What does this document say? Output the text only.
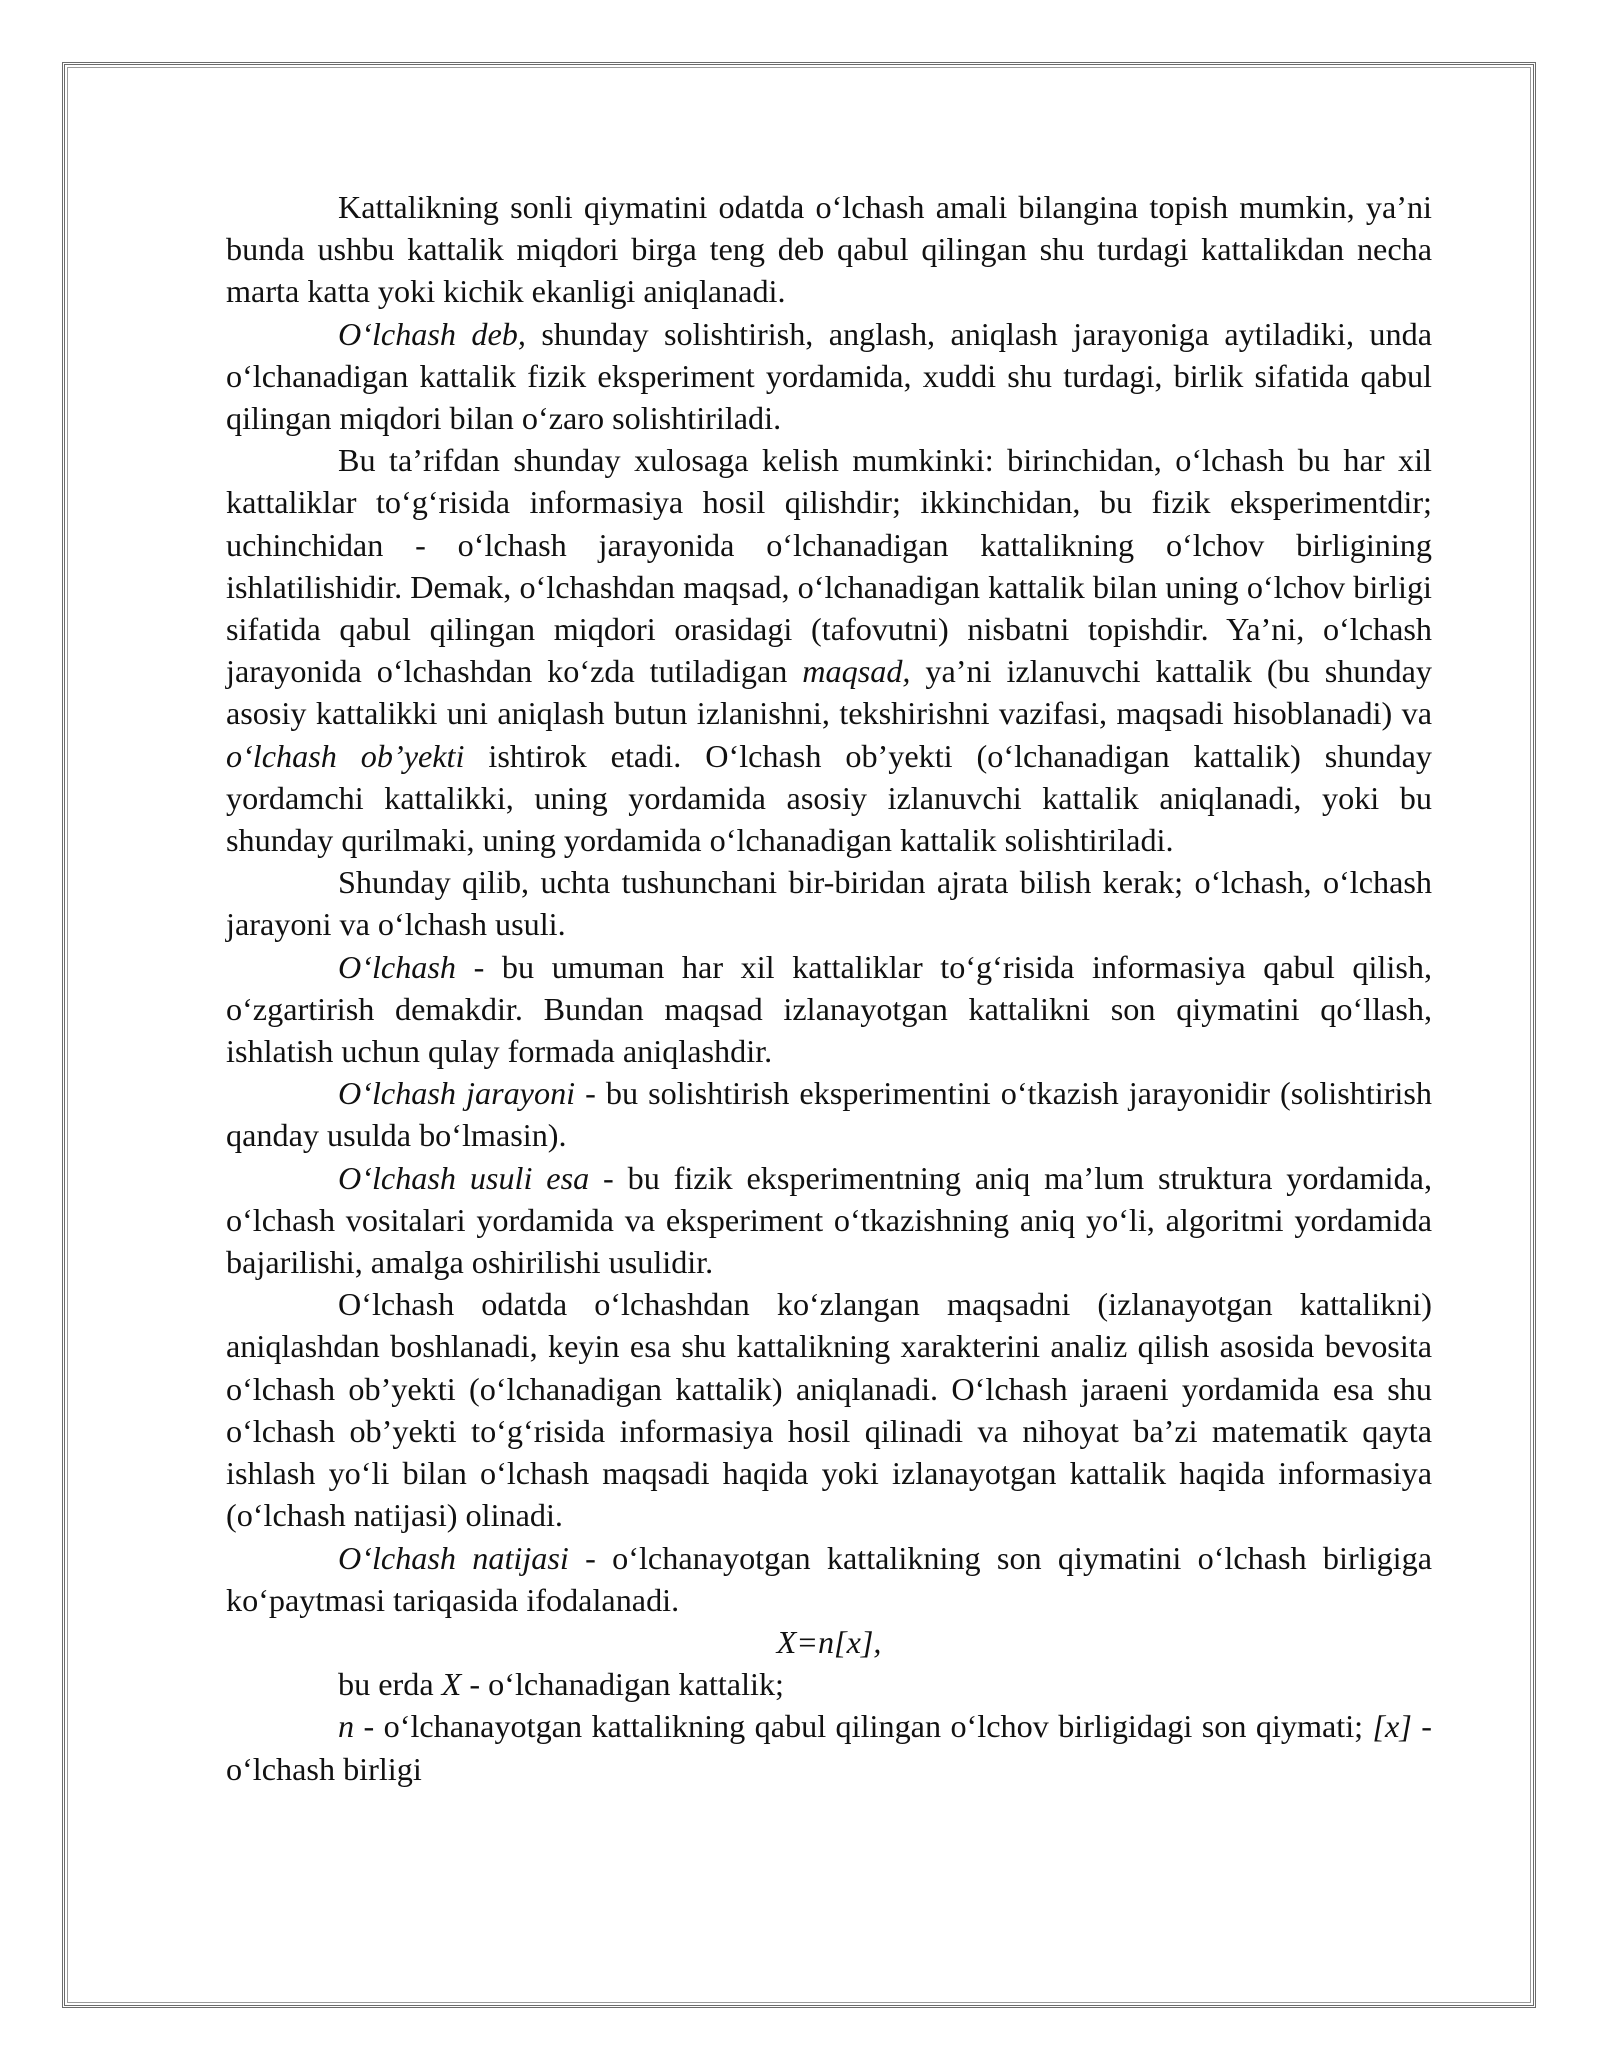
Kattalikning sonli qiymatini odatda o‘lchash amali bilangina topish mumkin, ya’ni bunda ushbu kattalik miqdori birga teng deb qabul qilingan shu turdagi kattalikdan necha marta katta yoki kichik ekanligi aniqlanadi.

O‘lchash deb, shunday solishtirish, anglash, aniqlash jarayoniga aytiladiki, unda o‘lchanadigan kattalik fizik eksperiment yordamida, xuddi shu turdagi, birlik sifatida qabul qilingan miqdori bilan o‘zaro solishtiriladi.

Bu ta’rifdan shunday xulosaga kelish mumkinki: birinchidan, o‘lchash bu har xil kattaliklar to‘g‘risida informasiya hosil qilishdir; ikkinchidan, bu fizik eksperimentdir; uchinchidan - o‘lchash jarayonida o‘lchanadigan kattalikning o‘lchov birligining ishlatilishidir. Demak, o‘lchashdan maqsad, o‘lchanadigan kattalik bilan uning o‘lchov birligi sifatida qabul qilingan miqdori orasidagi (tafovutni) nisbatni topishdir. Ya’ni, o‘lchash jarayonida o‘lchashdan ko‘zda tutiladigan maqsad, ya’ni izlanuvchi kattalik (bu shunday asosiy kattalikki uni aniqlash butun izlanishni, tekshirishni vazifasi, maqsadi hisoblanadi) va o‘lchash ob’yekti ishtirok etadi. O‘lchash ob’yekti (o‘lchanadigan kattalik) shunday yordamchi kattalikki, uning yordamida asosiy izlanuvchi kattalik aniqlanadi, yoki bu shunday qurilmaki, uning yordamida o‘lchanadigan kattalik solishtiriladi.

Shunday qilib, uchta tushunchani bir-biridan ajrata bilish kerak; o‘lchash, o‘lchash jarayoni va o‘lchash usuli.

O‘lchash - bu umuman har xil kattaliklar to‘g‘risida informasiya qabul qilish, o‘zgartirish demakdir. Bundan maqsad izlanayotgan kattalikni son qiymatini qo‘llash, ishlatish uchun qulay formada aniqlashdir.

O‘lchash jarayoni - bu solishtirish eksperimentini o‘tkazish jarayonidir (solishtirish qanday usulda bo‘lmasin).

O‘lchash usuli esa - bu fizik eksperimentning aniq ma’lum struktura yordamida, o‘lchash vositalari yordamida va eksperiment o‘tkazishning aniq yo‘li, algoritmi yordamida bajarilishi, amalga oshirilishi usulidir.

O‘lchash odatda o‘lchashdan ko‘zlangan maqsadni (izlanayotgan kattalikni) aniqlashdan boshlanadi, keyin esa shu kattalikning xarakterini analiz qilish asosida bevosita o‘lchash ob’yekti (o‘lchanadigan kattalik) aniqlanadi. O‘lchash jaraeni yordamida esa shu o‘lchash ob’yekti to‘g‘risida informasiya hosil qilinadi va nihoyat ba’zi matematik qayta ishlash yo‘li bilan o‘lchash maqsadi haqida yoki izlanayotgan kattalik haqida informasiya (o‘lchash natijasi) olinadi.

O‘lchash natijasi - o‘lchanayotgan kattalikning son qiymatini o‘lchash birligiga ko‘paytmasi tariqasida ifodalanadi.

X=n[x],

bu erda X - o‘lchanadigan kattalik;

n - o‘lchanayotgan kattalikning qabul qilingan o‘lchov birligidagi son qiymati; [x] - o‘lchash birligi
